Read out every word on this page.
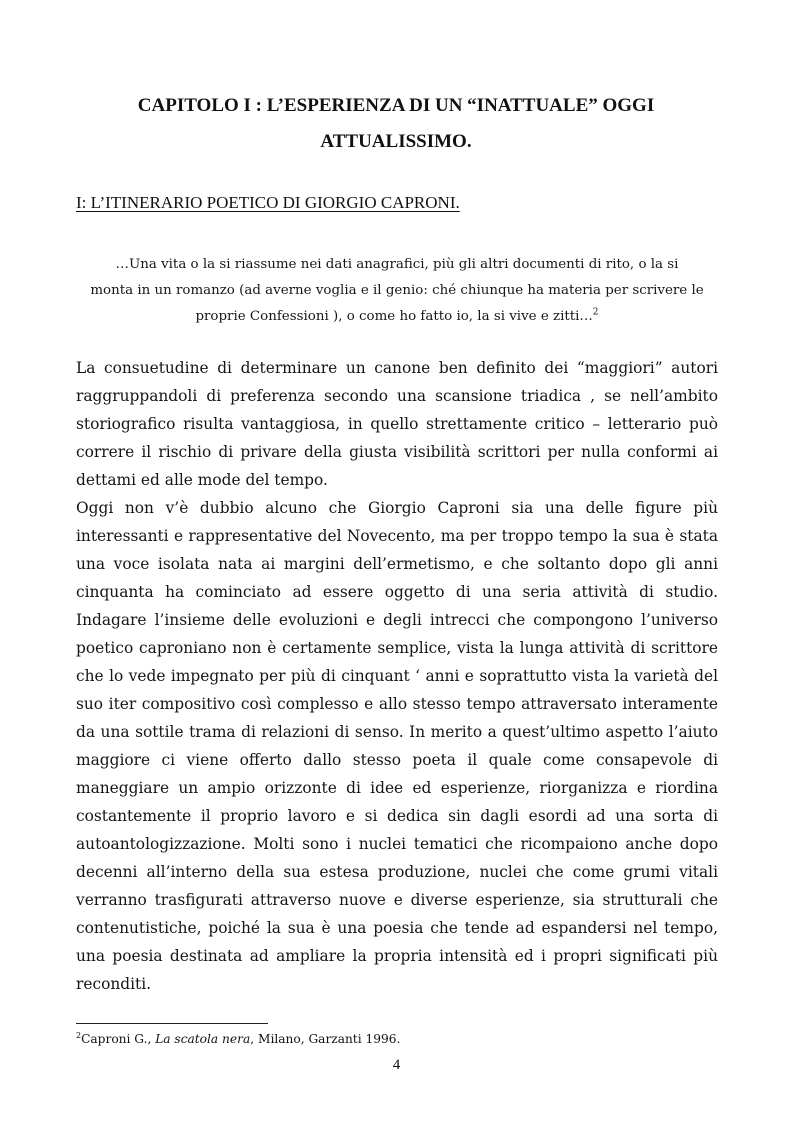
CAPITOLO I : L’ESPERIENZA DI UN “INATTUALE” OGGI
ATTUALISSIMO.
I: L’ITINERARIO POETICO DI GIORGIO CAPRONI.
…Una vita o la si riassume nei dati anagrafici, più gli altri documenti di rito, o la si
monta in un romanzo (ad averne voglia e il genio: ché chiunque ha materia per scrivere le
proprie Confessioni ), o come ho fatto io, la si vive e zitti…$^2$
La consuetudine di determinare un canone ben definito dei “maggiori” autori
raggruppandoli di preferenza secondo una scansione triadica , se nell’ambito
storiografico risulta vantaggiosa, in quello strettamente critico – letterario può
correre il rischio di privare della giusta visibilità scrittori per nulla conformi ai
dettami ed alle mode del tempo.
Oggi non v’è dubbio alcuno che Giorgio Caproni sia una delle figure più
interessanti e rappresentative del Novecento, ma per troppo tempo la sua è stata
una voce isolata nata ai margini dell’ermetismo, e che soltanto dopo gli anni
cinquanta ha cominciato ad essere oggetto di una seria attività di studio.
Indagare l’insieme delle evoluzioni e degli intrecci che compongono l’universo
poetico caproniano non è certamente semplice, vista la lunga attività di scrittore
che lo vede impegnato per più di cinquant ‘ anni e soprattutto vista la varietà del
suo iter compositivo così complesso e allo stesso tempo attraversato interamente
da una sottile trama di relazioni di senso. In merito a quest’ultimo aspetto l’aiuto
maggiore ci viene offerto dallo stesso poeta il quale come consapevole di
maneggiare un ampio orizzonte di idee ed esperienze, riorganizza e riordina
costantemente il proprio lavoro e si dedica sin dagli esordi ad una sorta di
autoantologizzazione. Molti sono i nuclei tematici che ricompaiono anche dopo
decenni all’interno della sua estesa produzione, nuclei che come grumi vitali
verranno trasfigurati attraverso nuove e diverse esperienze, sia strutturali che
contenutistiche, poiché la sua è una poesia che tende ad espandersi nel tempo,
una poesia destinata ad ampliare la propria intensità ed i propri significati più
reconditi.
$^2$Caproni G., La scatola nera, Milano, Garzanti 1996.
4
